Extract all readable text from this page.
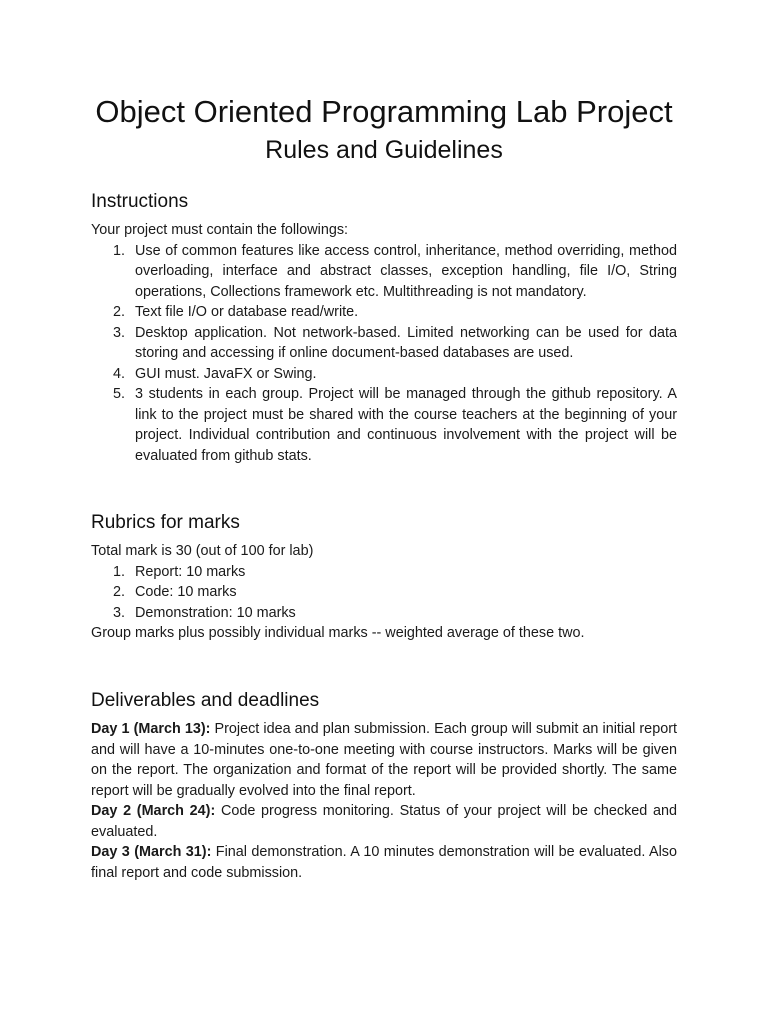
Object Oriented Programming Lab Project
Rules and Guidelines
Instructions

Your project must contain the followings:

1. Use of common features like access control, inheritance, method overriding, method overloading, interface and abstract classes, exception handling, file I/O, String operations, Collections framework etc. Multithreading is not mandatory.
2. Text file I/O or database read/write.
3. Desktop application. Not network-based. Limited networking can be used for data storing and accessing if online document-based databases are used.
4. GUI must. JavaFX or Swing.
5. 3 students in each group. Project will be managed through the github repository. A link to the project must be shared with the course teachers at the beginning of your project. Individual contribution and continuous involvement with the project will be evaluated from github stats.
Rubrics for marks

Total mark is 30 (out of 100 for lab)

1. Report: 10 marks
2. Code: 10 marks
3. Demonstration: 10 marks

Group marks plus possibly individual marks -- weighted average of these two.

Deliverables and deadlines

Day 1 (March 13): Project idea and plan submission. Each group will submit an initial report and will have a 10-minutes one-to-one meeting with course instructors. Marks will be given on the report. The organization and format of the report will be provided shortly. The same report will be gradually evolved into the final report.

Day 2 (March 24): Code progress monitoring. Status of your project will be checked and evaluated.

Day 3 (March 31): Final demonstration. A 10 minutes demonstration will be evaluated. Also final report and code submission.
